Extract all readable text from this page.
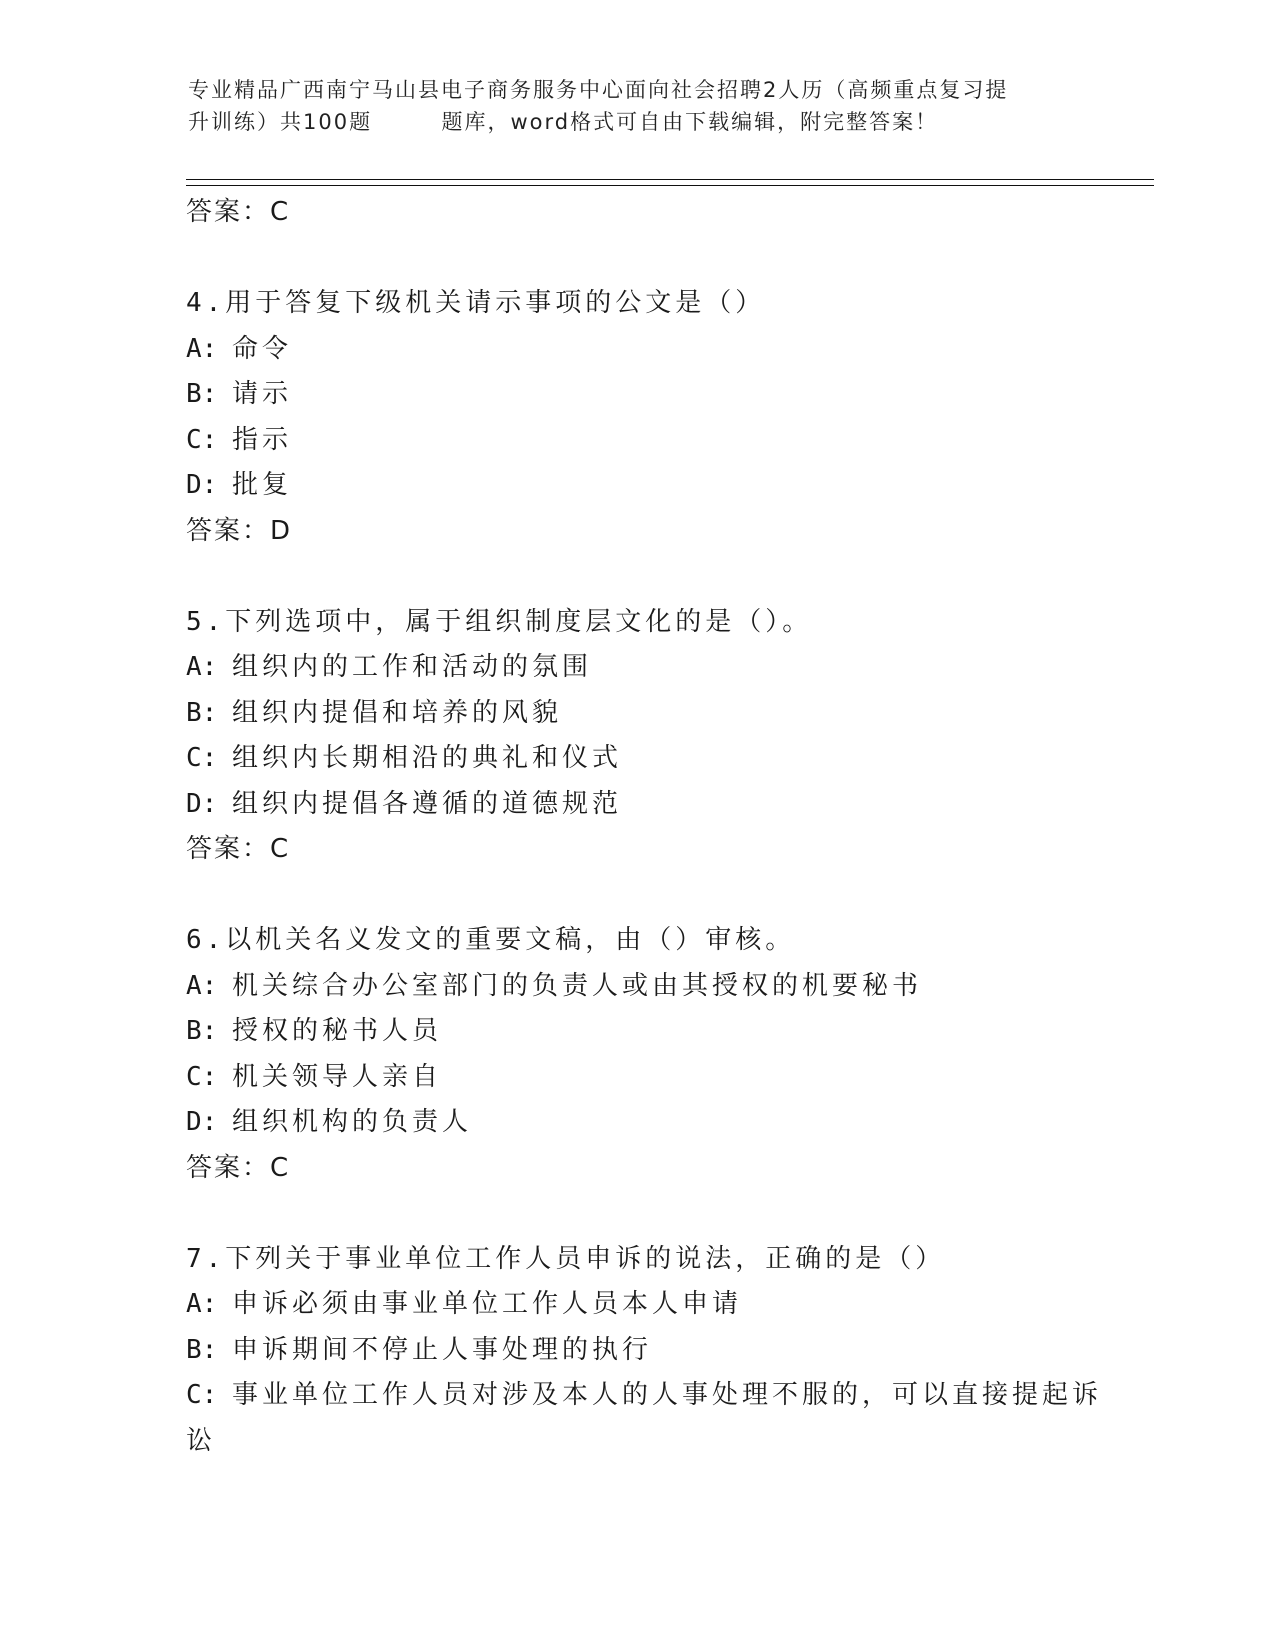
专业精品广西南宁马山县电子商务服务中心面向社会招聘2人历（高频重点复习提
升训练）共100题        题库，word格式可自由下载编辑，附完整答案！
答案：C
4.用于答复下级机关请示事项的公文是（）
A: 命令
B: 请示
C: 指示
D: 批复
答案：D
5.下列选项中，属于组织制度层文化的是（）。
A: 组织内的工作和活动的氛围
B: 组织内提倡和培养的风貌
C: 组织内长期相沿的典礼和仪式
D: 组织内提倡各遵循的道德规范
答案：C
6.以机关名义发文的重要文稿，由（）审核。
A: 机关综合办公室部门的负责人或由其授权的机要秘书
B: 授权的秘书人员
C: 机关领导人亲自
D: 组织机构的负责人
答案：C
7.下列关于事业单位工作人员申诉的说法，正确的是（）
A: 申诉必须由事业单位工作人员本人申请
B: 申诉期间不停止人事处理的执行
C: 事业单位工作人员对涉及本人的人事处理不服的，可以直接提起诉
讼
